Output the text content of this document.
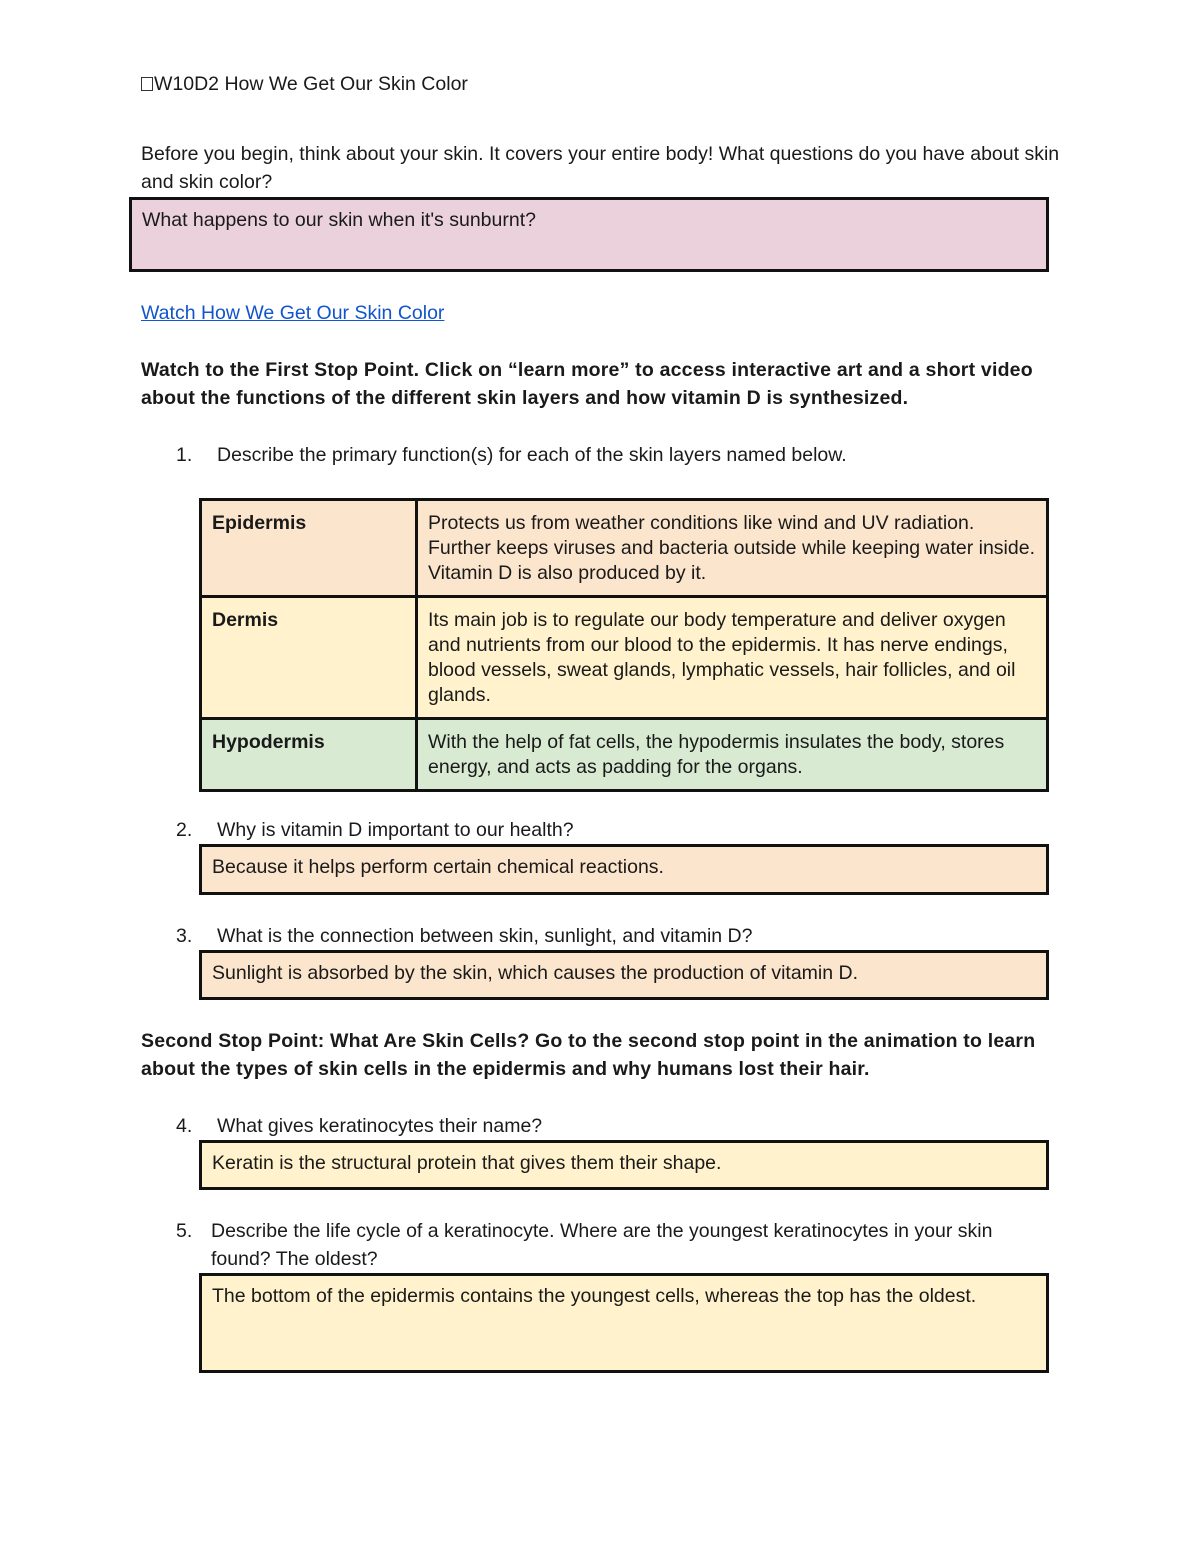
W10D2 How We Get Our Skin Color
Before you begin, think about your skin. It covers your entire body! What questions do you have about skin and skin color?
What happens to our skin when it's sunburnt?
Watch How We Get Our Skin Color
Watch to the First Stop Point. Click on “learn more” to access interactive art and a short video about the functions of the different skin layers and how vitamin D is synthesized.
1. Describe the primary function(s) for each of the skin layers named below.
Epidermis	Protects us from weather conditions like wind and UV radiation. Further keeps viruses and bacteria outside while keeping water inside. Vitamin D is also produced by it.
Dermis	Its main job is to regulate our body temperature and deliver oxygen and nutrients from our blood to the epidermis. It has nerve endings, blood vessels, sweat glands, lymphatic vessels, hair follicles, and oil glands.
Hypodermis	With the help of fat cells, the hypodermis insulates the body, stores energy, and acts as padding for the organs.
2. Why is vitamin D important to our health?
Because it helps perform certain chemical reactions.
3. What is the connection between skin, sunlight, and vitamin D?
Sunlight is absorbed by the skin, which causes the production of vitamin D.
Second Stop Point: What Are Skin Cells? Go to the second stop point in the animation to learn about the types of skin cells in the epidermis and why humans lost their hair.
4. What gives keratinocytes their name?
Keratin is the structural protein that gives them their shape.
5. Describe the life cycle of a keratinocyte. Where are the youngest keratinocytes in your skin found? The oldest?
The bottom of the epidermis contains the youngest cells, whereas the top has the oldest.
